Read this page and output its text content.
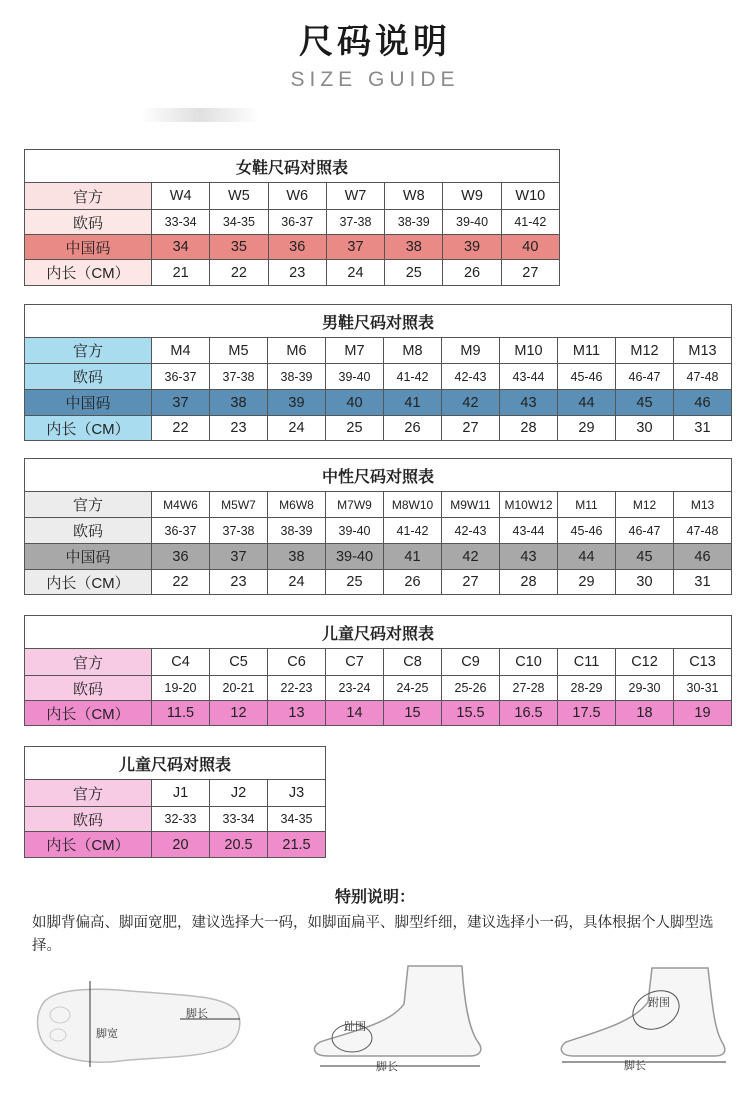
尺码说明
SIZE GUIDE
女鞋尺码对照表							
官方	W4	W5	W6	W7	W8	W9	W10
欧码	33-34	34-35	36-37	37-38	38-39	39-40	41-42
中国码	34	35	36	37	38	39	40
内长（CM）	21	22	23	24	25	26	27
男鞋尺码对照表										
官方	M4	M5	M6	M7	M8	M9	M10	M11	M12	M13
欧码	36-37	37-38	38-39	39-40	41-42	42-43	43-44	45-46	46-47	47-48
中国码	37	38	39	40	41	42	43	44	45	46
内长（CM）	22	23	24	25	26	27	28	29	30	31
中性尺码对照表										
官方	M4W6	M5W7	M6W8	M7W9	M8W10	M9W11	M10W12	M11	M12	M13
欧码	36-37	37-38	38-39	39-40	41-42	42-43	43-44	45-46	46-47	47-48
中国码	36	37	38	39-40	41	42	43	44	45	46
内长（CM）	22	23	24	25	26	27	28	29	30	31
儿童尺码对照表										
官方	C4	C5	C6	C7	C8	C9	C10	C11	C12	C13
欧码	19-20	20-21	22-23	23-24	24-25	25-26	27-28	28-29	29-30	30-31
内长（CM）	11.5	12	13	14	15	15.5	16.5	17.5	18	19
儿童尺码对照表			
官方	J1	J2	J3
欧码	32-33	33-34	34-35
内长（CM）	20	20.5	21.5
特别说明：
如脚背偏高、脚面宽肥，建议选择大一码，如脚面扁平、脚型纤细，建议选择小一码，具体根据个人脚型选择。
脚宽
脚长
趾围
脚长
跗围
脚长
